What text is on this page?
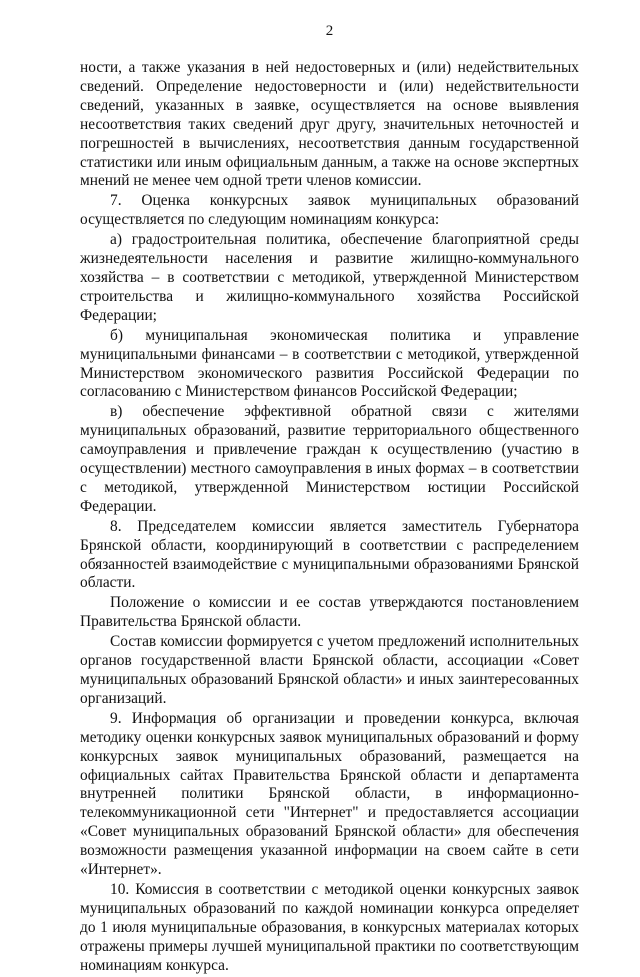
2

ности, а также указания в ней недостоверных и (или) недействительных сведений. Определение недостоверности и (или) недействительности сведений, указанных в заявке, осуществляется на основе выявления несоответствия таких сведений друг другу, значительных неточностей и погрешностей в вычислениях, несоответствия данным государственной статистики или иным официальным данным, а также на основе экспертных мнений не менее чем одной трети членов комиссии.

7. Оценка конкурсных заявок муниципальных образований осуществляется по следующим номинациям конкурса:

а) градостроительная политика, обеспечение благоприятной среды жизнедеятельности населения и развитие жилищно-коммунального хозяйства – в соответствии с методикой, утвержденной Министерством строительства и жилищно-коммунального хозяйства Российской Федерации;

б) муниципальная экономическая политика и управление муниципальными финансами – в соответствии с методикой, утвержденной Министерством экономического развития Российской Федерации по согласованию с Министерством финансов Российской Федерации;

в) обеспечение эффективной обратной связи с жителями муниципальных образований, развитие территориального общественного самоуправления и привлечение граждан к осуществлению (участию в осуществлении) местного самоуправления в иных формах – в соответствии с методикой, утвержденной Министерством юстиции Российской Федерации.

8. Председателем комиссии является заместитель Губернатора Брянской области, координирующий в соответствии с распределением обязанностей взаимодействие с муниципальными образованиями Брянской области.

Положение о комиссии и ее состав утверждаются постановлением Правительства Брянской области.

Состав комиссии формируется с учетом предложений исполнительных органов государственной власти Брянской области, ассоциации «Совет муниципальных образований Брянской области» и иных заинтересованных организаций.

9. Информация об организации и проведении конкурса, включая методику оценки конкурсных заявок муниципальных образований и форму конкурсных заявок муниципальных образований, размещается на официальных сайтах Правительства Брянской области и департамента внутренней политики Брянской области, в информационно-телекоммуникационной сети "Интернет" и предоставляется ассоциации «Совет муниципальных образований Брянской области» для обеспечения возможности размещения указанной информации на своем сайте в сети «Интернет».

10. Комиссия в соответствии с методикой оценки конкурсных заявок муниципальных образований по каждой номинации конкурса определяет до 1 июля муниципальные образования, в конкурсных материалах которых отражены примеры лучшей муниципальной практики по соответствующим номинациям конкурса.
